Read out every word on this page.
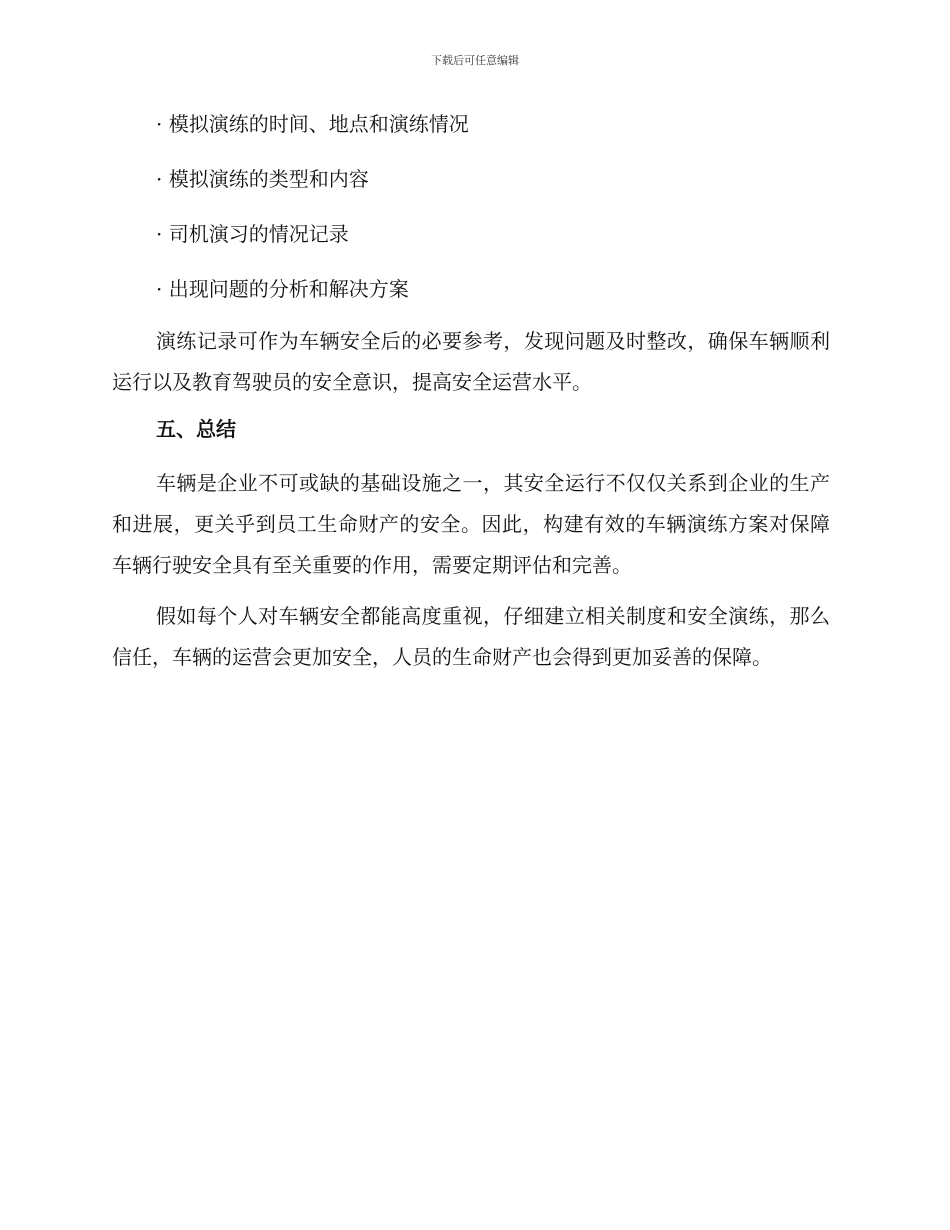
下载后可任意编辑
· 模拟演练的时间、地点和演练情况
· 模拟演练的类型和内容
· 司机演习的情况记录
· 出现问题的分析和解决方案

演练记录可作为车辆安全后的必要参考，发现问题及时整改，确保车辆顺利运行以及教育驾驶员的安全意识，提高安全运营水平。

五、总结

车辆是企业不可或缺的基础设施之一，其安全运行不仅仅关系到企业的生产和进展，更关乎到员工生命财产的安全。因此，构建有效的车辆演练方案对保障车辆行驶安全具有至关重要的作用，需要定期评估和完善。

假如每个人对车辆安全都能高度重视，仔细建立相关制度和安全演练，那么信任，车辆的运营会更加安全，人员的生命财产也会得到更加妥善的保障。
